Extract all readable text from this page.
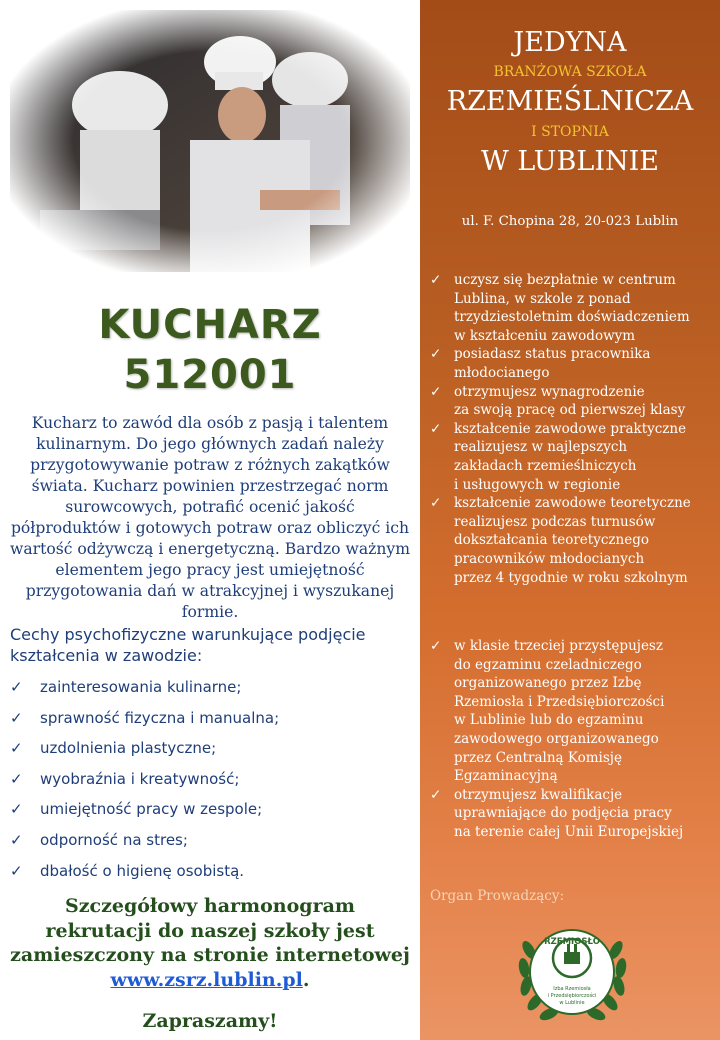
KUCHARZ
512001
Kucharz to zawód dla osób z pasją i talentem kulinarnym. Do jego głównych zadań należy przygotowywanie potraw z różnych zakątków świata. Kucharz powinien przestrzegać norm surowcowych, potrafić ocenić jakość półproduktów i gotowych potraw oraz obliczyć ich wartość odżywczą i energetyczną. Bardzo ważnym elementem jego pracy jest umiejętność przygotowania dań w atrakcyjnej i wyszukanej formie.
Cechy psychofizyczne warunkujące podjęcie kształcenia w zawodzie:
✓ zainteresowania kulinarne;
✓ sprawność fizyczna i manualna;
✓ uzdolnienia plastyczne;
✓ wyobraźnia i kreatywność;
✓ umiejętność pracy w zespole;
✓ odporność na stres;
✓ dbałość o higienę osobistą.
Szczegółowy harmonogram rekrutacji do naszej szkoły jest zamieszczony na stronie internetowej www.zsrz.lublin.pl.
Zapraszamy!
JEDYNA
BRANŻOWA SZKOŁA
RZEMIEŚLNICZA
I STOPNIA
W LUBLINIE
ul. F. Chopina 28, 20-023 Lublin
✓ uczysz się bezpłatnie w centrum
Lublina, w szkole z ponad
trzydziestoletnim doświadczeniem
w kształceniu zawodowym
✓ posiadasz status pracownika
młodocianego
✓ otrzymujesz wynagrodzenie
za swoją pracę od pierwszej klasy
✓ kształcenie zawodowe praktyczne
realizujesz w najlepszych
zakładach rzemieślniczych
i usługowych w regionie
✓ kształcenie zawodowe teoretyczne
realizujesz podczas turnusów
dokształcania teoretycznego
pracowników młodocianych
przez 4 tygodnie w roku szkolnym
✓ w klasie trzeciej przystępujesz
do egzaminu czeladniczego
organizowanego przez Izbę
Rzemiosła i Przedsiębiorczości
w Lublinie lub do egzaminu
zawodowego organizowanego
przez Centralną Komisję
Egzaminacyjną
✓ otrzymujesz kwalifikacje
uprawniające do podjęcia pracy
na terenie całej Unii Europejskiej
Organ Prowadzący:
RZEMIOSŁO
Izba Rzemiosła
i Przedsiębiorczości
w Lublinie
